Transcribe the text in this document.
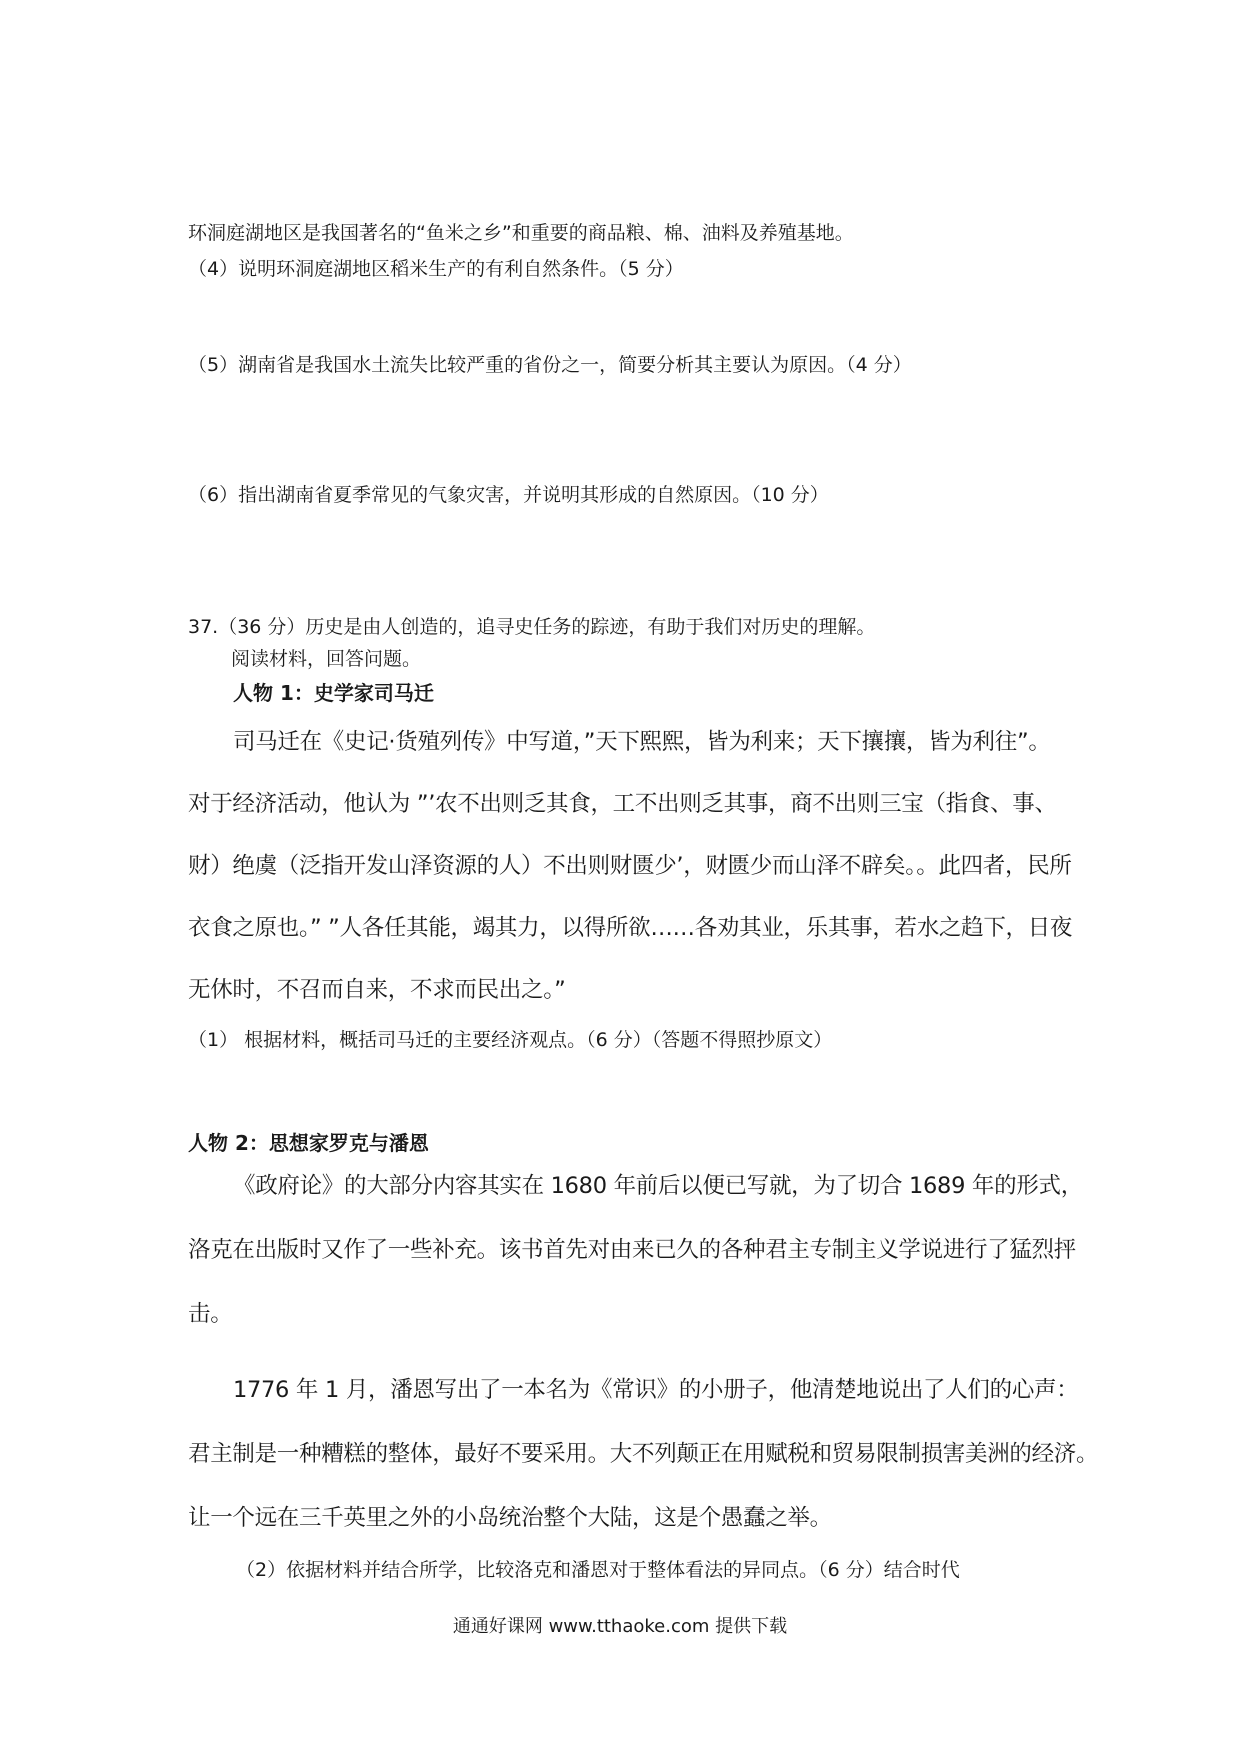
环洞庭湖地区是我国著名的“鱼米之乡”和重要的商品粮、棉、油料及养殖基地。
（4）说明环洞庭湖地区稻米生产的有利自然条件。（5 分）
（5）湖南省是我国水土流失比较严重的省份之一，简要分析其主要认为原因。（4 分）
（6）指出湖南省夏季常见的气象灾害，并说明其形成的自然原因。（10 分）
37.（36 分）历史是由人创造的，追寻史任务的踪迹，有助于我们对历史的理解。
阅读材料，回答问题。
人物 1：史学家司马迁
司马迁在《史记·货殖列传》中写道，”天下熙熙，皆为利来；天下攘攘，皆为利往”。
对于经济活动，他认为 ”’农不出则乏其食，工不出则乏其事，商不出则三宝（指食、事、
财）绝虞（泛指开发山泽资源的人）不出则财匮少’，财匮少而山泽不辟矣。。此四者，民所
衣食之原也。” ”人各任其能，竭其力，以得所欲……各劝其业，乐其事，若水之趋下，日夜
无休时，不召而自来，不求而民出之。”
（1） 根据材料，概括司马迁的主要经济观点。（6 分）（答题不得照抄原文）
人物 2：思想家罗克与潘恩
《政府论》的大部分内容其实在 1680 年前后以便已写就，为了切合 1689 年的形式，
洛克在出版时又作了一些补充。该书首先对由来已久的各种君主专制主义学说进行了猛烈抨
击。
1776 年 1 月，潘恩写出了一本名为《常识》的小册子，他清楚地说出了人们的心声：
君主制是一种糟糕的整体，最好不要采用。大不列颠正在用赋税和贸易限制损害美洲的经济。
让一个远在三千英里之外的小岛统治整个大陆，这是个愚蠢之举。
（2）依据材料并结合所学，比较洛克和潘恩对于整体看法的异同点。（6 分）结合时代
通通好课网 www.tthaoke.com 提供下载
